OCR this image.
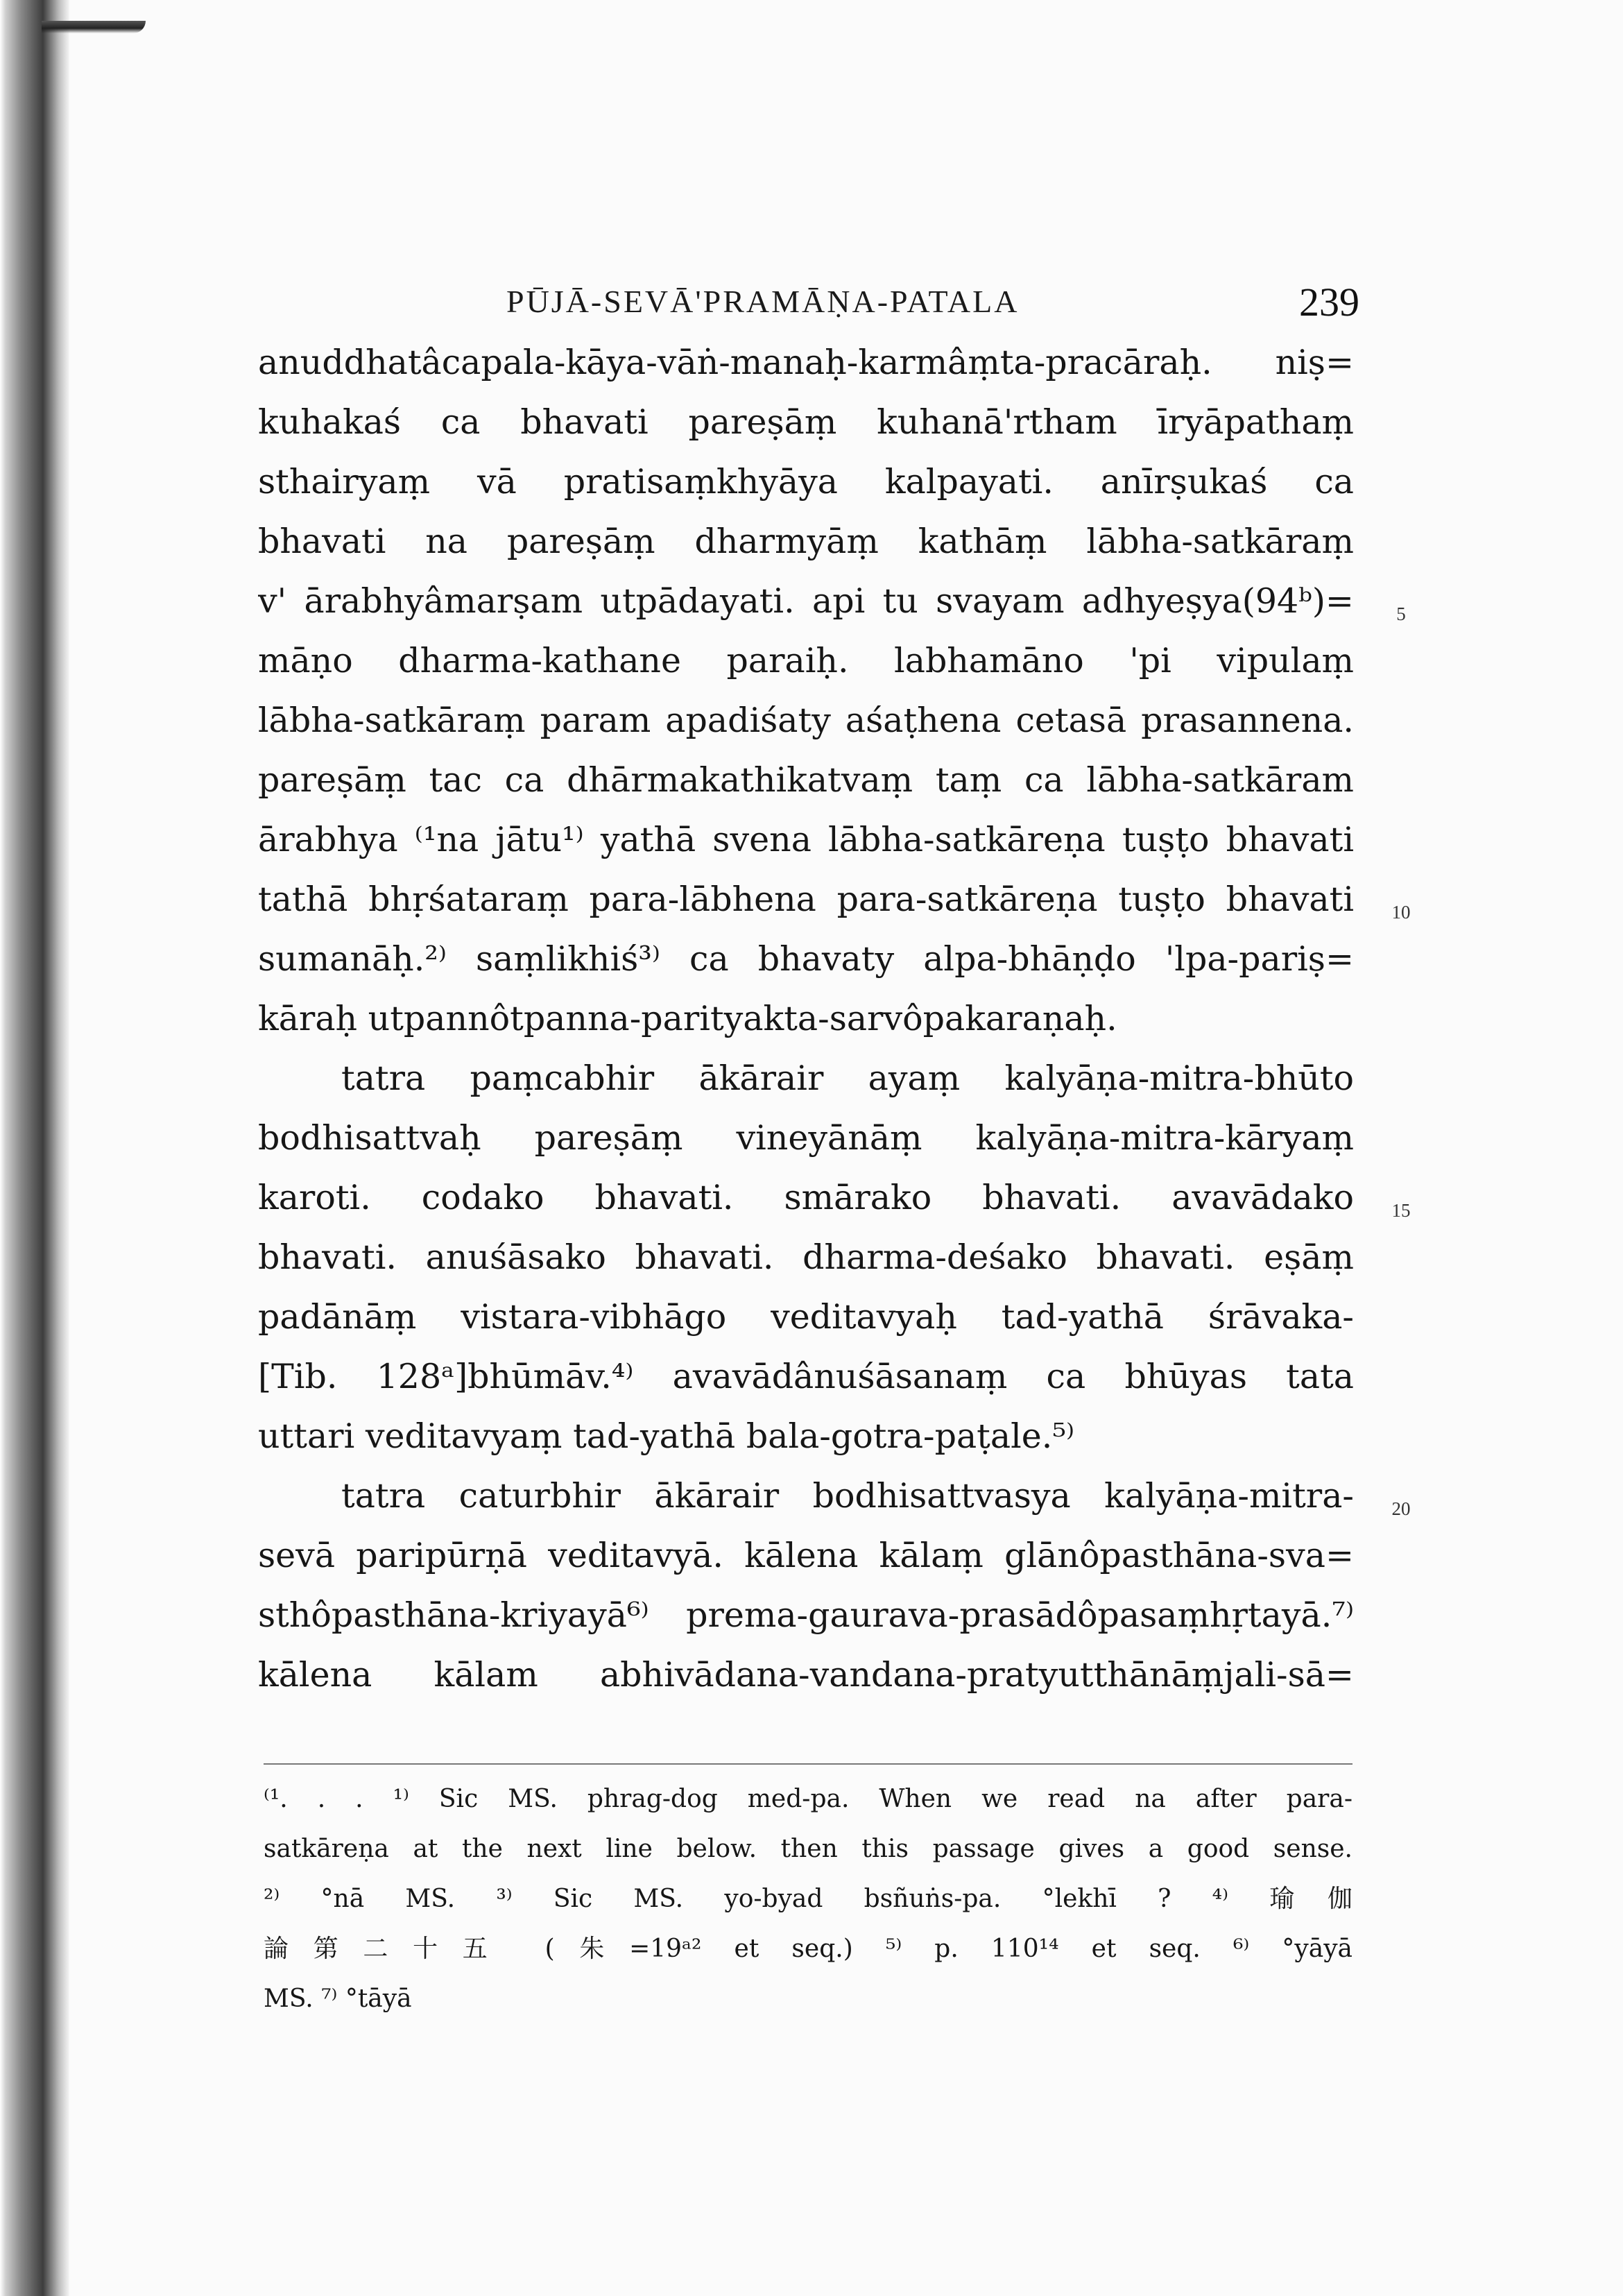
PŪJĀ-SEVĀ'PRAMĀṆA-PATALA	239
anuddhatâcapala-kāya-vāṅ-manaḥ-karmâṃta-pracāraḥ. niṣ=
kuhakaś ca bhavati pareṣāṃ kuhanā'rtham īryāpathaṃ
sthairyaṃ vā pratisaṃkhyāya kalpayati. anīrṣukaś ca
bhavati na pareṣāṃ dharmyāṃ kathāṃ lābha-satkāraṃ
v' ārabhyâmarṣam utpādayati. api tu svayam adhyeṣya(94ᵇ)=
māṇo dharma-kathane paraiḥ. labhamāno 'pi vipulaṃ
lābha-satkāraṃ param apadiśaty aśaṭhena cetasā prasannena.
pareṣāṃ tac ca dhārmakathikatvaṃ taṃ ca lābha-satkāram
ārabhya ⁽¹na jātu¹⁾ yathā svena lābha-satkāreṇa tuṣṭo bhavati
tathā bhṛśataraṃ para-lābhena para-satkāreṇa tuṣṭo bhavati
sumanāḥ.²⁾ saṃlikhiś³⁾ ca bhavaty alpa-bhāṇḍo 'lpa-pariṣ=
kāraḥ utpannôtpanna-parityakta-sarvôpakaraṇaḥ.
tatra paṃcabhir ākārair ayaṃ kalyāṇa-mitra-bhūto
bodhisattvaḥ pareṣāṃ vineyānāṃ kalyāṇa-mitra-kāryaṃ
karoti. codako bhavati. smārako bhavati. avavādako
bhavati. anuśāsako bhavati. dharma-deśako bhavati. eṣāṃ
padānāṃ vistara-vibhāgo veditavyaḥ tad-yathā śrāvaka-
[Tib. 128ᵃ]bhūmāv.⁴⁾ avavādânuśāsanaṃ ca bhūyas tata
uttari veditavyaṃ tad-yathā bala-gotra-paṭale.⁵⁾
tatra caturbhir ākārair bodhisattvasya kalyāṇa-mitra-
sevā paripūrṇā veditavyā. kālena kālaṃ glānôpasthāna-sva=
sthôpasthāna-kriyayā⁶⁾ prema-gaurava-prasādôpasaṃhṛtayā.⁷⁾
kālena kālam abhivādana-vandana-pratyutthānāṃjali-sā=
5
10
15
20
⁽¹. . . ¹⁾ Sic MS. phrag-dog med-pa. When we read na after para-
satkāreṇa at the next line below. then this passage gives a good sense.
²⁾ °nā MS. ³⁾ Sic MS. yo-byad bsñuṅs-pa. °lekhī ? ⁴⁾ 瑜伽
論第二十五 (朱=19ᵃ² et seq.) ⁵⁾ p. 110¹⁴ et seq. ⁶⁾ °yāyā
MS. ⁷⁾ °tāyā
